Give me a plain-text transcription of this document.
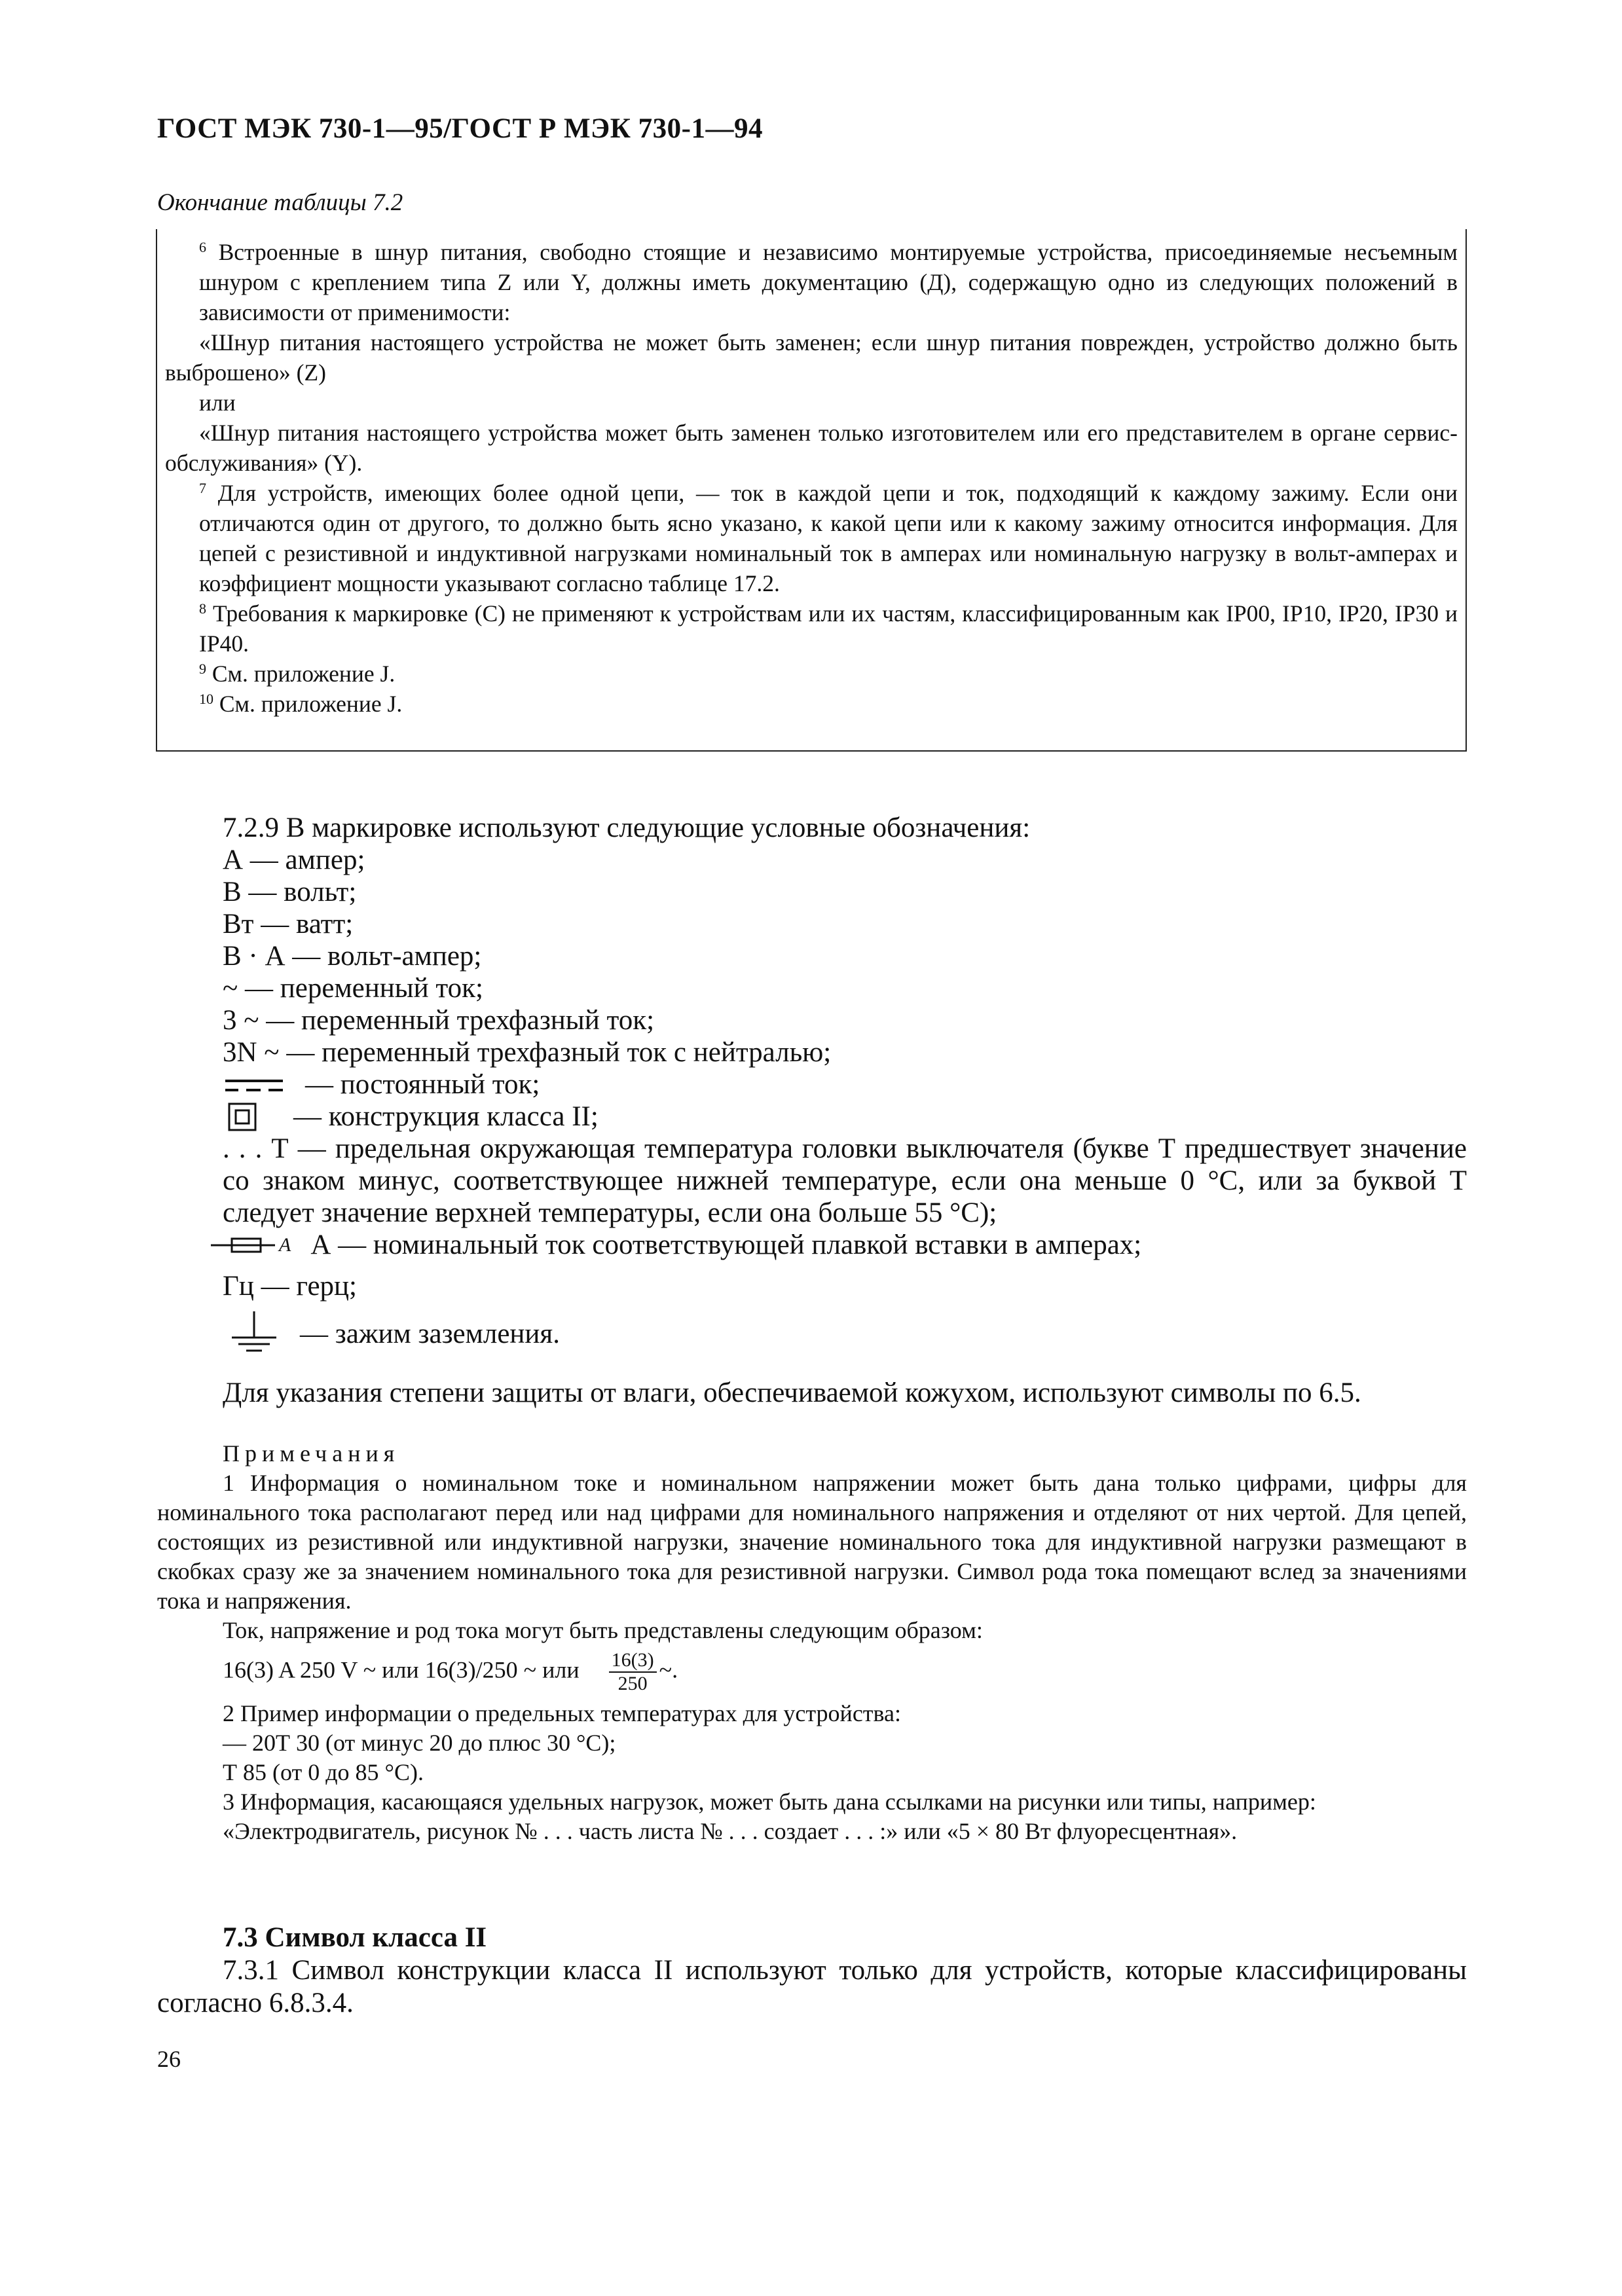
ГОСТ МЭК 730-1—95/ГОСТ Р МЭК 730-1—94
Окончание таблицы 7.2

$^6$ Встроенные в шнур питания, свободно стоящие и независимо монтируемые устройства, присоединяемые несъемным шнуром с креплением типа Z или Y, должны иметь документацию (Д), содержащую одно из следующих положений в зависимости от применимости:

«Шнур питания настоящего устройства не может быть заменен; если шнур питания поврежден, устройство должно быть выброшено» (Z)

или

«Шнур питания настоящего устройства может быть заменен только изготовителем или его представителем в органе сервис-обслуживания» (Y).

$^7$ Для устройств, имеющих более одной цепи, — ток в каждой цепи и ток, подходящий к каждому зажиму. Если они отличаются один от другого, то должно быть ясно указано, к какой цепи или к какому зажиму относится информация. Для цепей с резистивной и индуктивной нагрузками номинальный ток в амперах или номинальную нагрузку в вольт-амперах и коэффициент мощности указывают согласно таблице 17.2.

$^8$ Требования к маркировке (С) не применяют к устройствам или их частям, классифицированным как IP00, IP10, IP20, IP30 и IP40.

$^9$ См. приложение J.

$^{10}$ См. приложение J.

7.2.9 В маркировке используют следующие условные обозначения:

А — ампер;

В — вольт;

Вт — ватт;

В · А — вольт-ампер;

~ — переменный ток;

3 ~ — переменный трехфазный ток;

3N ~ — переменный трехфазный ток с нейтралью;

— постоянный ток;

— конструкция класса II;

. . . Т — предельная окружающая температура головки выключателя (букве Т предшествует значение со знаком минус, соответствующее нижней температуре, если она меньше 0 °С, или за буквой Т следует значение верхней температуры, если она больше 55 °С);

A А — номинальный ток соответствующей плавкой вставки в амперах;

Гц — герц;

— зажим заземления.

Для указания степени защиты от влаги, обеспечиваемой кожухом, используют символы по 6.5.

Примечания

1 Информация о номинальном токе и номинальном напряжении может быть дана только цифрами, цифры для номинального тока располагают перед или над цифрами для номинального напряжения и отделяют от них чертой. Для цепей, состоящих из резистивной или индуктивной нагрузки, значение номинального тока для индуктивной нагрузки размещают в скобках сразу же за значением номинального тока для резистивной нагрузки. Символ рода тока помещают вслед за значениями тока и напряжения.

Ток, напряжение и род тока могут быть представлены следующим образом:

16(3) A 250 V ~ или 16(3)/250 ~ или $\frac{16(3)}{250}$ ~.

2 Пример информации о предельных температурах для устройства:

— 20Т 30 (от минус 20 до плюс 30 °С);

Т 85 (от 0 до 85 °С).

3 Информация, касающаяся удельных нагрузок, может быть дана ссылками на рисунки или типы, например:

«Электродвигатель, рисунок № . . . часть листа № . . . создает . . . :» или «5 × 80 Вт флуоресцентная».

7.3 Символ класса II

7.3.1 Символ конструкции класса II используют только для устройств, которые классифицированы согласно 6.8.3.4.

26
